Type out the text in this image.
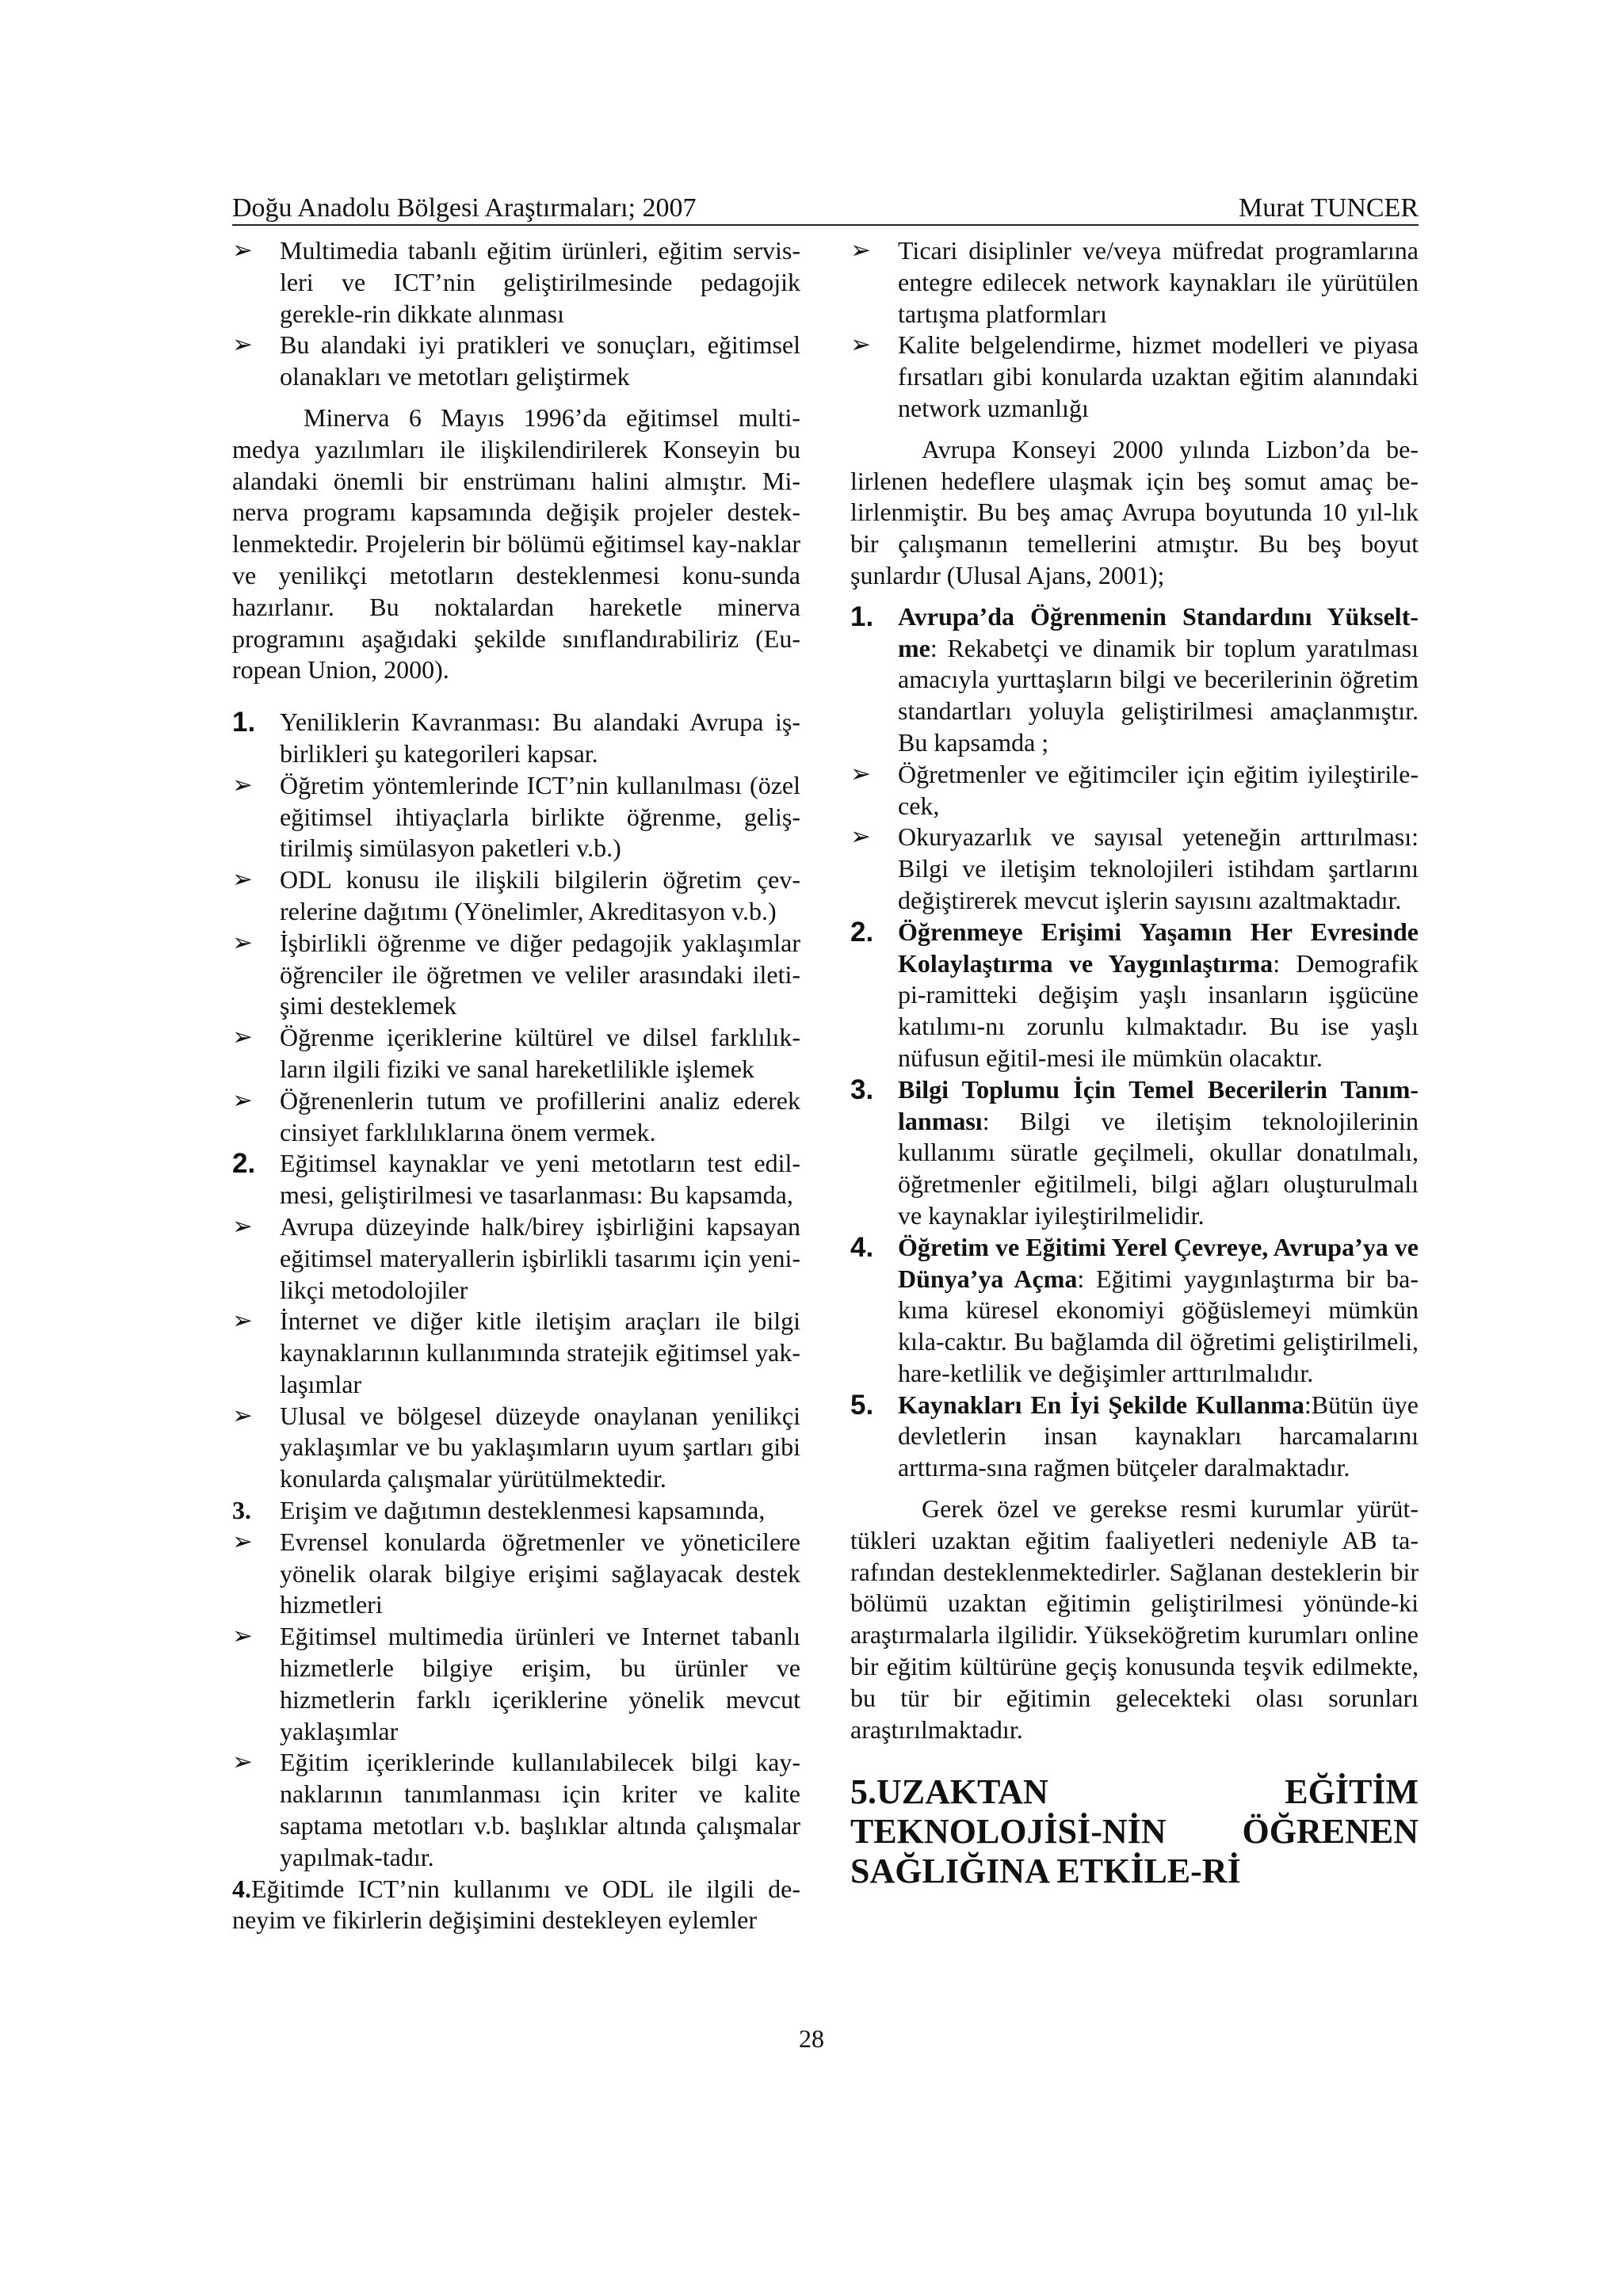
Doğu Anadolu Bölgesi Araştırmaları; 2007	Murat TUNCER
➢ Multimedia tabanlı eğitim ürünleri, eğitim servis-leri ve ICT’nin geliştirilmesinde pedagojik gerekle-rin dikkate alınması
➢ Bu alandaki iyi pratikleri ve sonuçları, eğitimsel olanakları ve metotları geliştirmek

Minerva 6 Mayıs 1996’da eğitimsel multi-medya yazılımları ile ilişkilendirilerek Konseyin bu alandaki önemli bir enstrümanı halini almıştır. Mi-nerva programı kapsamında değişik projeler destek-lenmektedir. Projelerin bir bölümü eğitimsel kay-naklar ve yenilikçi metotların desteklenmesi konu-sunda hazırlanır. Bu noktalardan hareketle minerva programını aşağıdaki şekilde sınıflandırabiliriz (Eu-ropean Union, 2000).

1. Yeniliklerin Kavranması: Bu alandaki Avrupa iş-birlikleri şu kategorileri kapsar.
➢ Öğretim yöntemlerinde ICT’nin kullanılması (özel eğitimsel ihtiyaçlarla birlikte öğrenme, geliş-tirilmiş simülasyon paketleri v.b.)
➢ ODL konusu ile ilişkili bilgilerin öğretim çev-relerine dağıtımı (Yönelimler, Akreditasyon v.b.)
➢ İşbirlikli öğrenme ve diğer pedagojik yaklaşımlar öğrenciler ile öğretmen ve veliler arasındaki ileti-şimi desteklemek
➢ Öğrenme içeriklerine kültürel ve dilsel farklılık-ların ilgili fiziki ve sanal hareketlilikle işlemek
➢ Öğrenenlerin tutum ve profillerini analiz ederek cinsiyet farklılıklarına önem vermek.
2. Eğitimsel kaynaklar ve yeni metotların test edil-mesi, geliştirilmesi ve tasarlanması: Bu kapsamda,
➢ Avrupa düzeyinde halk/birey işbirliğini kapsayan eğitimsel materyallerin işbirlikli tasarımı için yeni-likçi metodolojiler
➢ İnternet ve diğer kitle iletişim araçları ile bilgi kaynaklarının kullanımında stratejik eğitimsel yak-laşımlar
➢ Ulusal ve bölgesel düzeyde onaylanan yenilikçi yaklaşımlar ve bu yaklaşımların uyum şartları gibi konularda çalışmalar yürütülmektedir.
3. Erişim ve dağıtımın desteklenmesi kapsamında,
➢ Evrensel konularda öğretmenler ve yöneticilere yönelik olarak bilgiye erişimi sağlayacak destek hizmetleri
➢ Eğitimsel multimedia ürünleri ve Internet tabanlı hizmetlerle bilgiye erişim, bu ürünler ve hizmetlerin farklı içeriklerine yönelik mevcut yaklaşımlar
➢ Eğitim içeriklerinde kullanılabilecek bilgi kay-naklarının tanımlanması için kriter ve kalite saptama metotları v.b. başlıklar altında çalışmalar yapılmak-tadır.
4.Eğitimde ICT’nin kullanımı ve ODL ile ilgili de-neyim ve fikirlerin değişimini destekleyen eylemler
➢ Ticari disiplinler ve/veya müfredat programlarına entegre edilecek network kaynakları ile yürütülen tartışma platformları
➢ Kalite belgelendirme, hizmet modelleri ve piyasa fırsatları gibi konularda uzaktan eğitim alanındaki network uzmanlığı

Avrupa Konseyi 2000 yılında Lizbon’da be-lirlenen hedeflere ulaşmak için beş somut amaç be-lirlenmiştir. Bu beş amaç Avrupa boyutunda 10 yıl-lık bir çalışmanın temellerini atmıştır. Bu beş boyut şunlardır (Ulusal Ajans, 2001);

1. Avrupa’da Öğrenmenin Standardını Yükselt-me: Rekabetçi ve dinamik bir toplum yaratılması amacıyla yurttaşların bilgi ve becerilerinin öğretim standartları yoluyla geliştirilmesi amaçlanmıştır. Bu kapsamda ;
➢ Öğretmenler ve eğitimciler için eğitim iyileştirile-cek,
➢ Okuryazarlık ve sayısal yeteneğin arttırılması: Bilgi ve iletişim teknolojileri istihdam şartlarını değiştirerek mevcut işlerin sayısını azaltmaktadır.
2. Öğrenmeye Erişimi Yaşamın Her Evresinde Kolaylaştırma ve Yaygınlaştırma: Demografik pi-ramitteki değişim yaşlı insanların işgücüne katılımı-nı zorunlu kılmaktadır. Bu ise yaşlı nüfusun eğitil-mesi ile mümkün olacaktır.
3. Bilgi Toplumu İçin Temel Becerilerin Tanım-lanması: Bilgi ve iletişim teknolojilerinin kullanımı süratle geçilmeli, okullar donatılmalı, öğretmenler eğitilmeli, bilgi ağları oluşturulmalı ve kaynaklar iyileştirilmelidir.
4. Öğretim ve Eğitimi Yerel Çevreye, Avrupa’ya ve Dünya’ya Açma: Eğitimi yaygınlaştırma bir ba-kıma küresel ekonomiyi göğüslemeyi mümkün kıla-caktır. Bu bağlamda dil öğretimi geliştirilmeli, hare-ketlilik ve değişimler arttırılmalıdır.
5. Kaynakları En İyi Şekilde Kullanma:Bütün üye devletlerin insan kaynakları harcamalarını arttırma-sına rağmen bütçeler daralmaktadır.

Gerek özel ve gerekse resmi kurumlar yürüt-tükleri uzaktan eğitim faaliyetleri nedeniyle AB ta-rafından desteklenmektedirler. Sağlanan desteklerin bir bölümü uzaktan eğitimin geliştirilmesi yönünde-ki araştırmalarla ilgilidir. Yükseköğretim kurumları online bir eğitim kültürüne geçiş konusunda teşvik edilmekte, bu tür bir eğitimin gelecekteki olası sorunları araştırılmaktadır.

5.UZAKTAN EĞİTİM TEKNOLOJİSİ-NİN ÖĞRENEN SAĞLIĞINA ETKİLE-Rİ
28
